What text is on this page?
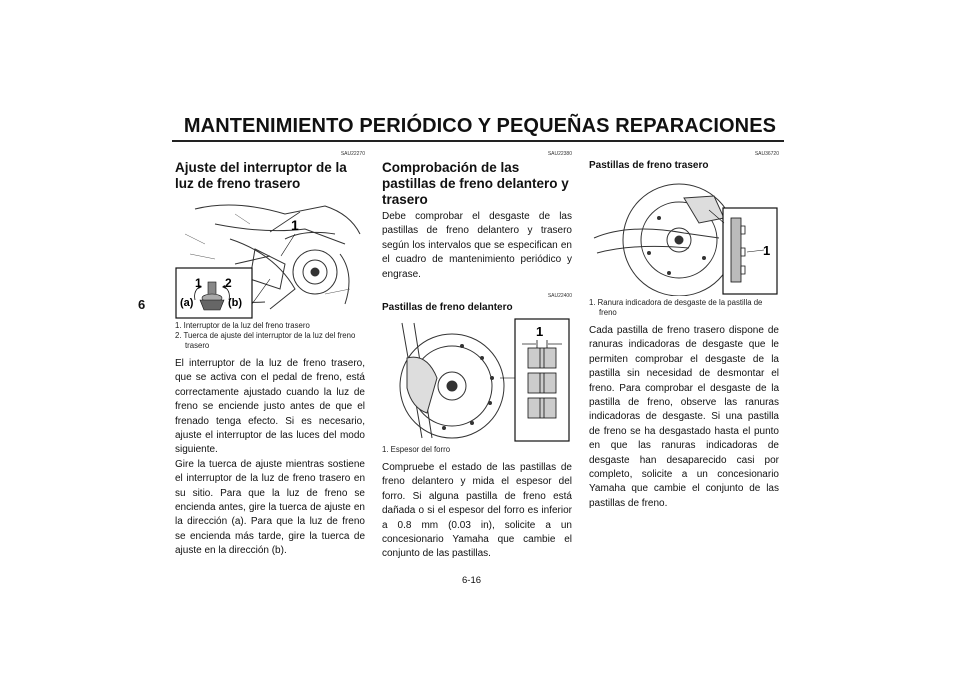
MANTENIMIENTO PERIÓDICO Y PEQUEÑAS REPARACIONES
6
SAU22270
Ajuste del interruptor de la luz de freno trasero
1
1 2
(a)	(b)
1. Interruptor de la luz del freno trasero
2. Tuerca de ajuste del interruptor de la luz del freno trasero

El interruptor de la luz de freno trasero, que se activa con el pedal de freno, está correctamente ajustado cuando la luz de freno se enciende justo antes de que el frenado tenga efecto. Si es necesario, ajuste el interruptor de las luces del modo siguiente.

Gire la tuerca de ajuste mientras sostiene el interruptor de la luz de freno trasero en su sitio. Para que la luz de freno se encienda antes, gire la tuerca de ajuste en la dirección (a). Para que la luz de freno se encienda más tarde, gire la tuerca de ajuste en la dirección (b).

SAU22380
Comprobación de las pastillas de freno delantero y trasero

Debe comprobar el desgaste de las pastillas de freno delantero y trasero según los intervalos que se especifican en el cuadro de mantenimiento periódico y engrase.

SAU22400
Pastillas de freno delantero
1
1. Espesor del forro

Compruebe el estado de las pastillas de freno delantero y mida el espesor del forro. Si alguna pastilla de freno está dañada o si el espesor del forro es inferior a 0.8 mm (0.03 in), solicite a un concesionario Yamaha que cambie el conjunto de las pastillas.

SAU36720
Pastillas de freno trasero
1
1. Ranura indicadora de desgaste de la pastilla de freno

Cada pastilla de freno trasero dispone de ranuras indicadoras de desgaste que le permiten comprobar el desgaste de la pastilla sin necesidad de desmontar el freno. Para comprobar el desgaste de la pastilla de freno, observe las ranuras indicadoras de desgaste. Si una pastilla de freno se ha desgastado hasta el punto en que las ranuras indicadoras de desgaste han desaparecido casi por completo, solicite a un concesionario Yamaha que cambie el conjunto de las pastillas de freno.

6-16
